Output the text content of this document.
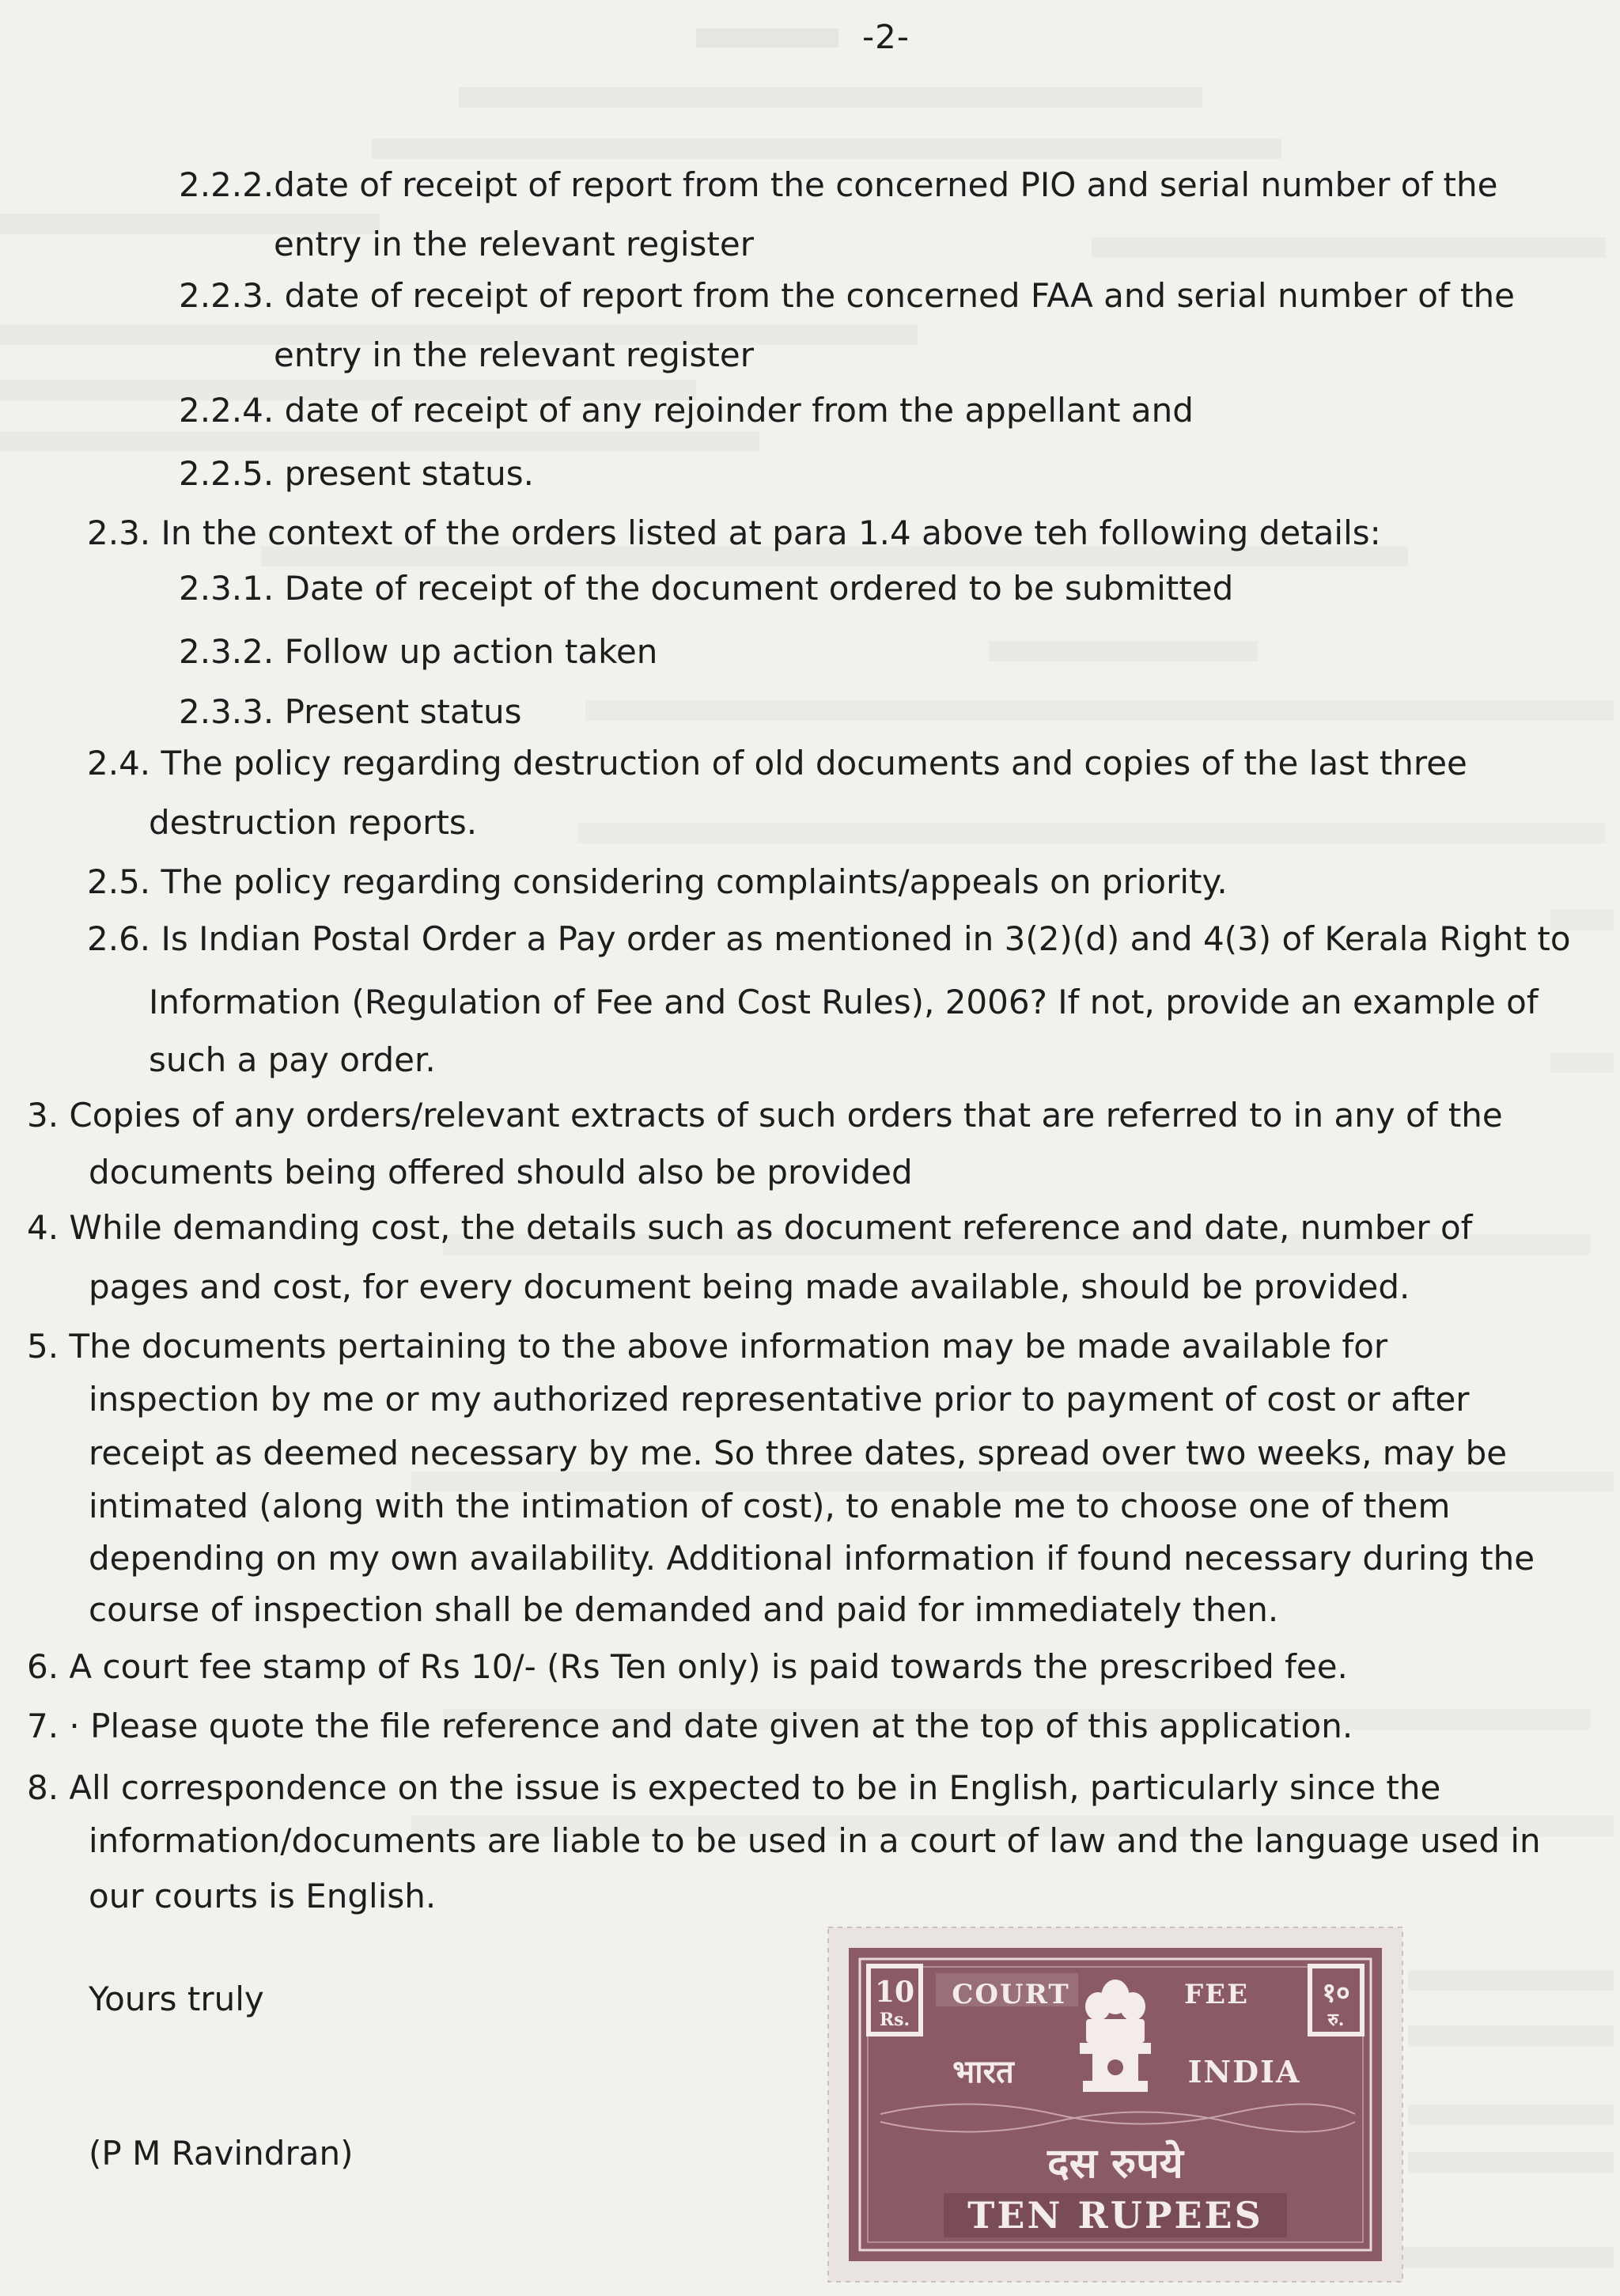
-2-
2.2.2.date of receipt of report from the concerned PIO and serial number of the
entry in the relevant register
2.2.3. date of receipt of report from the concerned FAA and serial number of the
entry in the relevant register
2.2.4. date of receipt of any rejoinder from the appellant and
2.2.5. present status.
2.3. In the context of the orders listed at para 1.4 above teh following details:
2.3.1. Date of receipt of the document ordered to be submitted
2.3.2. Follow up action taken
2.3.3. Present status
2.4. The policy regarding destruction of old documents and copies of the last three
destruction reports.
2.5. The policy regarding considering complaints/appeals on priority.
2.6. Is Indian Postal Order a Pay order as mentioned in 3(2)(d) and 4(3) of Kerala Right to
Information (Regulation of Fee and Cost Rules), 2006? If not, provide an example of
such a pay order.
3. Copies of any orders/relevant extracts of such orders that are referred to in any of the
documents being offered should also be provided
4. While demanding cost, the details such as document reference and date, number of
pages and cost, for every document being made available, should be provided.
5. The documents pertaining to the above information may be made available for
inspection by me or my authorized representative prior to payment of cost or after
receipt as deemed necessary by me. So three dates, spread over two weeks, may be
intimated (along with the intimation of cost), to enable me to choose one of them
depending on my own availability. Additional information if found necessary during the
course of inspection shall be demanded and paid for immediately then.
6. A court fee stamp of Rs 10/- (Rs Ten only) is paid towards the prescribed fee.
7. · Please quote the file reference and date given at the top of this application.
8. All correspondence on the issue is expected to be in English, particularly since the
information/documents are liable to be used in a court of law and the language used in
our courts is English.
Yours truly
(P M Ravindran)
10
Rs.
१०
रु.
COURT	FEE
भारत	INDIA
दस रुपये
TEN RUPEES
